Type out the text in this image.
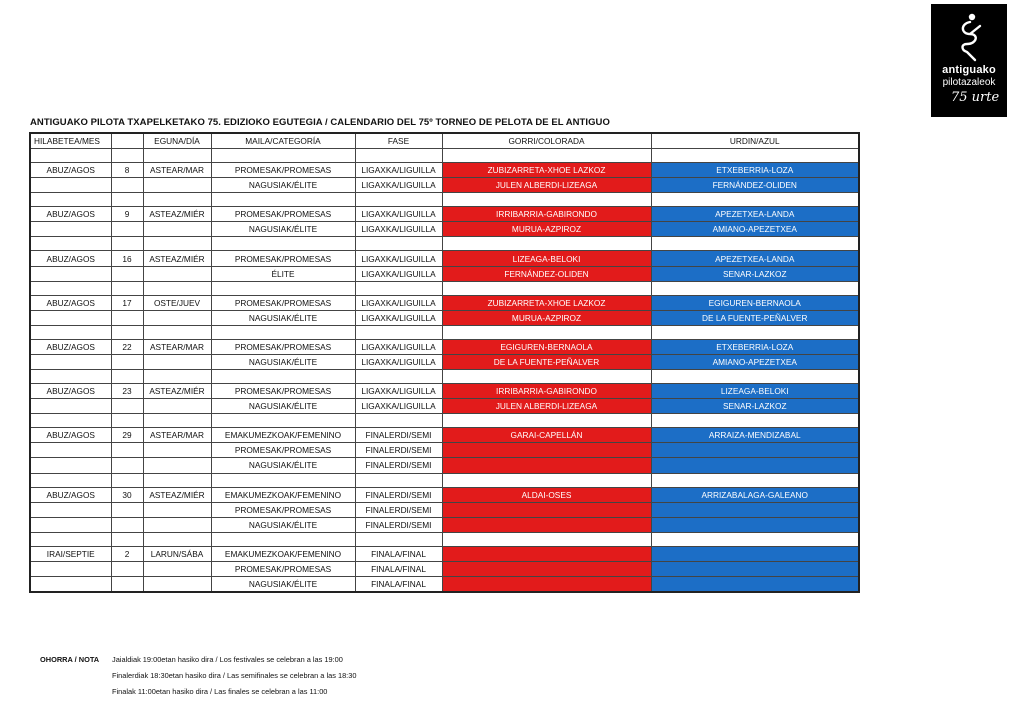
antiguako
pilotazaleok
75 urte
ANTIGUAKO PILOTA TXAPELKETAKO 75. EDIZIOKO EGUTEGIA / CALENDARIO DEL 75º TORNEO DE PELOTA DE EL ANTIGUO
HILABETEA/MES		EGUNA/DÍA	MAILA/CATEGORÍA	FASE	GORRI/COLORADA	URDIN/AZUL

ABUZ/AGOS	8	ASTEAR/MAR	PROMESAK/PROMESAS	LIGAXKA/LIGUILLA	ZUBIZARRETA-XHOE LAZKOZ	ETXEBERRIA-LOZA
			NAGUSIAK/ÉLITE	LIGAXKA/LIGUILLA	JULEN ALBERDI-LIZEAGA	FERNÁNDEZ-OLIDEN

ABUZ/AGOS	9	ASTEAZ/MIÉR	PROMESAK/PROMESAS	LIGAXKA/LIGUILLA	IRRIBARRIA-GABIRONDO	APEZETXEA-LANDA
			NAGUSIAK/ÉLITE	LIGAXKA/LIGUILLA	MURUA-AZPIROZ	AMIANO-APEZETXEA

ABUZ/AGOS	16	ASTEAZ/MIÉR	PROMESAK/PROMESAS	LIGAXKA/LIGUILLA	LIZEAGA-BELOKI	APEZETXEA-LANDA
			ÉLITE	LIGAXKA/LIGUILLA	FERNÁNDEZ-OLIDEN	SENAR-LAZKOZ

ABUZ/AGOS	17	OSTE/JUEV	PROMESAK/PROMESAS	LIGAXKA/LIGUILLA	ZUBIZARRETA-XHOE LAZKOZ	EGIGUREN-BERNAOLA
			NAGUSIAK/ÉLITE	LIGAXKA/LIGUILLA	MURUA-AZPIROZ	DE LA FUENTE-PEÑALVER

ABUZ/AGOS	22	ASTEAR/MAR	PROMESAK/PROMESAS	LIGAXKA/LIGUILLA	EGIGUREN-BERNAOLA	ETXEBERRIA-LOZA
			NAGUSIAK/ÉLITE	LIGAXKA/LIGUILLA	DE LA FUENTE-PEÑALVER	AMIANO-APEZETXEA

ABUZ/AGOS	23	ASTEAZ/MIÉR	PROMESAK/PROMESAS	LIGAXKA/LIGUILLA	IRRIBARRIA-GABIRONDO	LIZEAGA-BELOKI
			NAGUSIAK/ÉLITE	LIGAXKA/LIGUILLA	JULEN ALBERDI-LIZEAGA	SENAR-LAZKOZ

ABUZ/AGOS	29	ASTEAR/MAR	EMAKUMEZKOAK/FEMENINO	FINALERDI/SEMI	GARAI-CAPELLÁN	ARRAIZA-MENDIZABAL
			PROMESAK/PROMESAS	FINALERDI/SEMI		
			NAGUSIAK/ÉLITE	FINALERDI/SEMI		

ABUZ/AGOS	30	ASTEAZ/MIÉR	EMAKUMEZKOAK/FEMENINO	FINALERDI/SEMI	ALDAI-OSES	ARRIZABALAGA-GALEANO
			PROMESAK/PROMESAS	FINALERDI/SEMI		
			NAGUSIAK/ÉLITE	FINALERDI/SEMI		

IRAI/SEPTIE	2	LARUN/SÁBA	EMAKUMEZKOAK/FEMENINO	FINALA/FINAL		
			PROMESAK/PROMESAS	FINALA/FINAL		
			NAGUSIAK/ÉLITE	FINALA/FINAL		
OHORRA / NOTA Jaialdiak 19:00etan hasiko dira / Los festivales se celebran a las 19:00
Finalerdiak 18:30etan hasiko dira / Las semifinales se celebran a las 18:30
Finalak 11:00etan hasiko dira / Las finales se celebran a las 11:00
